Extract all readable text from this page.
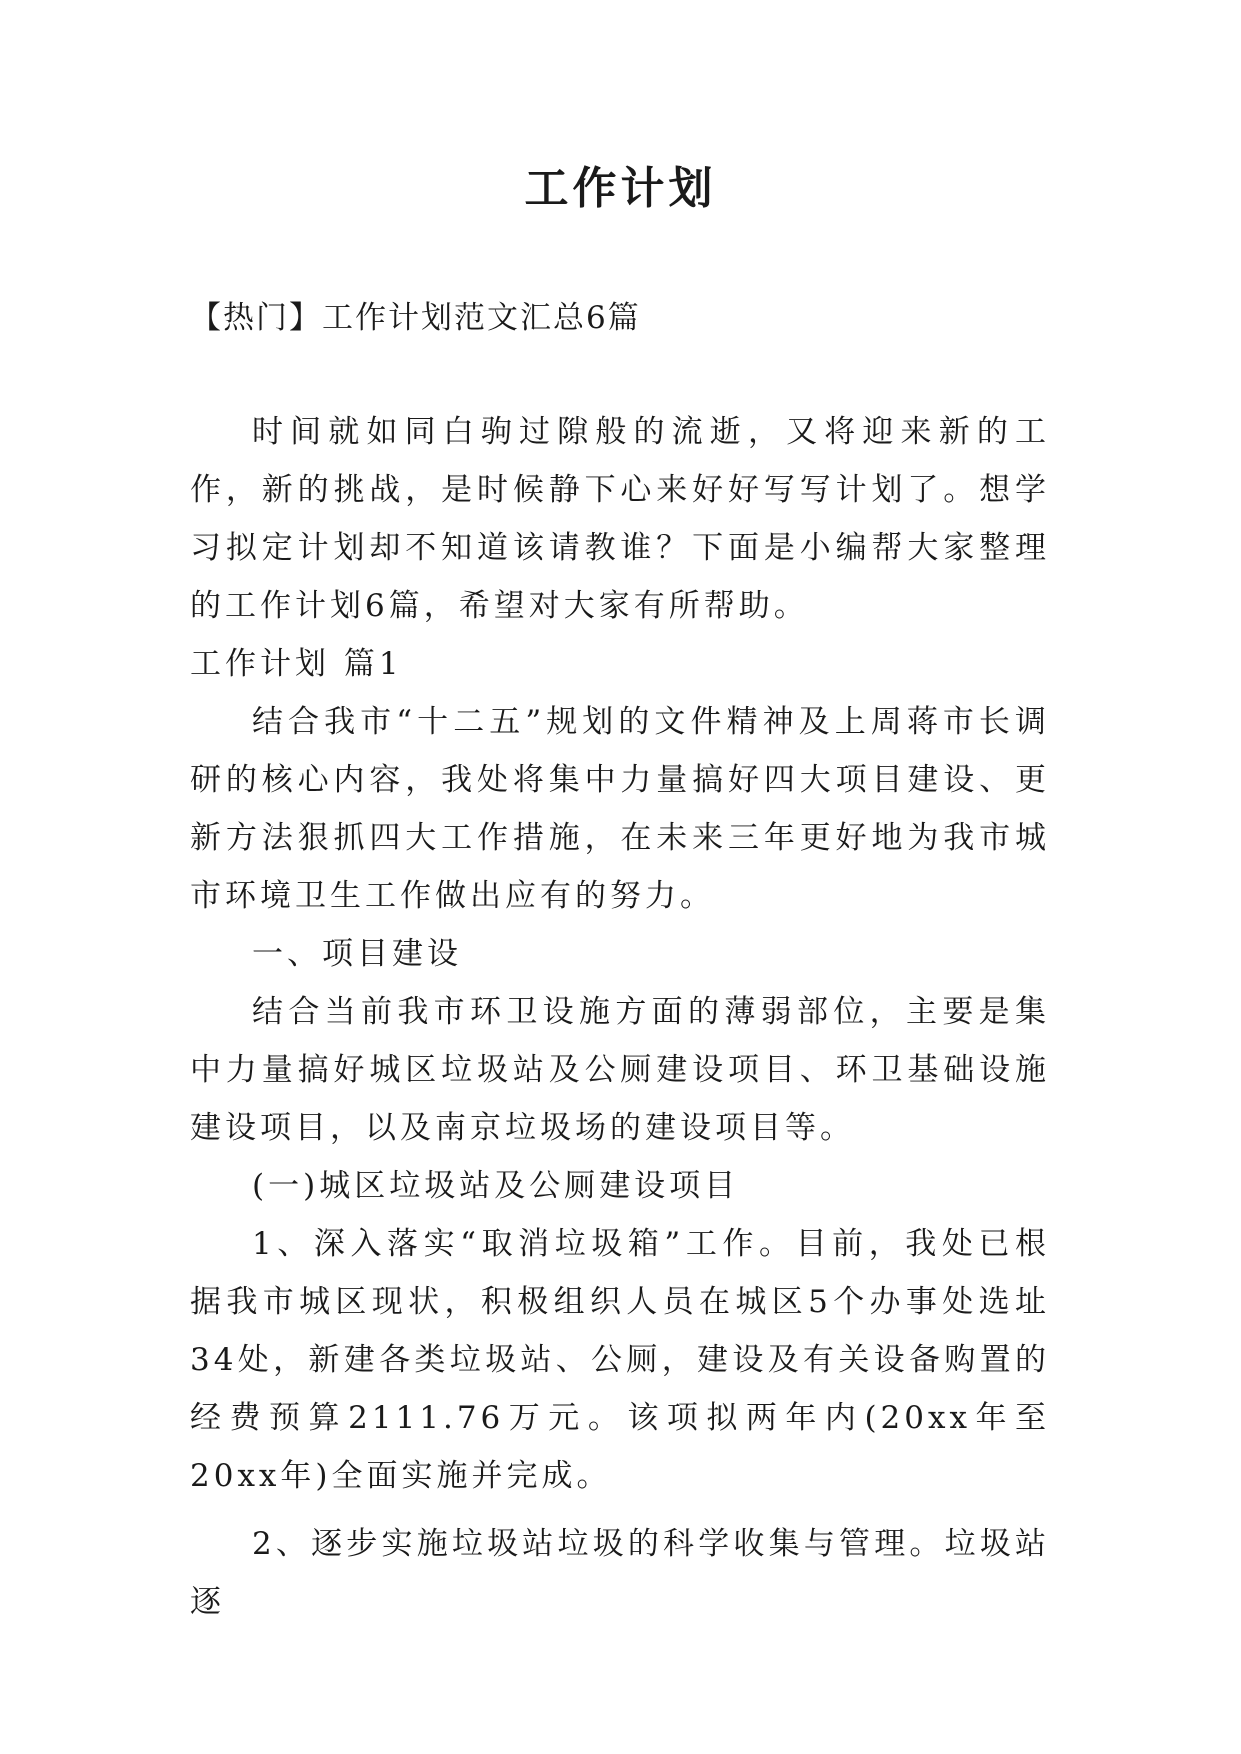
工作计划
【热门】工作计划范文汇总6篇

时间就如同白驹过隙般的流逝，又将迎来新的工作，新的挑战，是时候静下心来好好写写计划了。想学习拟定计划却不知道该请教谁？下面是小编帮大家整理的工作计划6篇，希望对大家有所帮助。

工作计划 篇1

结合我市“十二五”规划的文件精神及上周蒋市长调研的核心内容，我处将集中力量搞好四大项目建设、更新方法狠抓四大工作措施，在未来三年更好地为我市城市环境卫生工作做出应有的努力。

一、项目建设

结合当前我市环卫设施方面的薄弱部位，主要是集中力量搞好城区垃圾站及公厕建设项目、环卫基础设施建设项目，以及南京垃圾场的建设项目等。

(一)城区垃圾站及公厕建设项目

1、深入落实“取消垃圾箱”工作。目前，我处已根据我市城区现状，积极组织人员在城区5个办事处选址34处，新建各类垃圾站、公厕，建设及有关设备购置的经费预算2111.76万元。该项拟两年内(20xx年至20xx年)全面实施并完成。

2、逐步实施垃圾站垃圾的科学收集与管理。垃圾站逐
